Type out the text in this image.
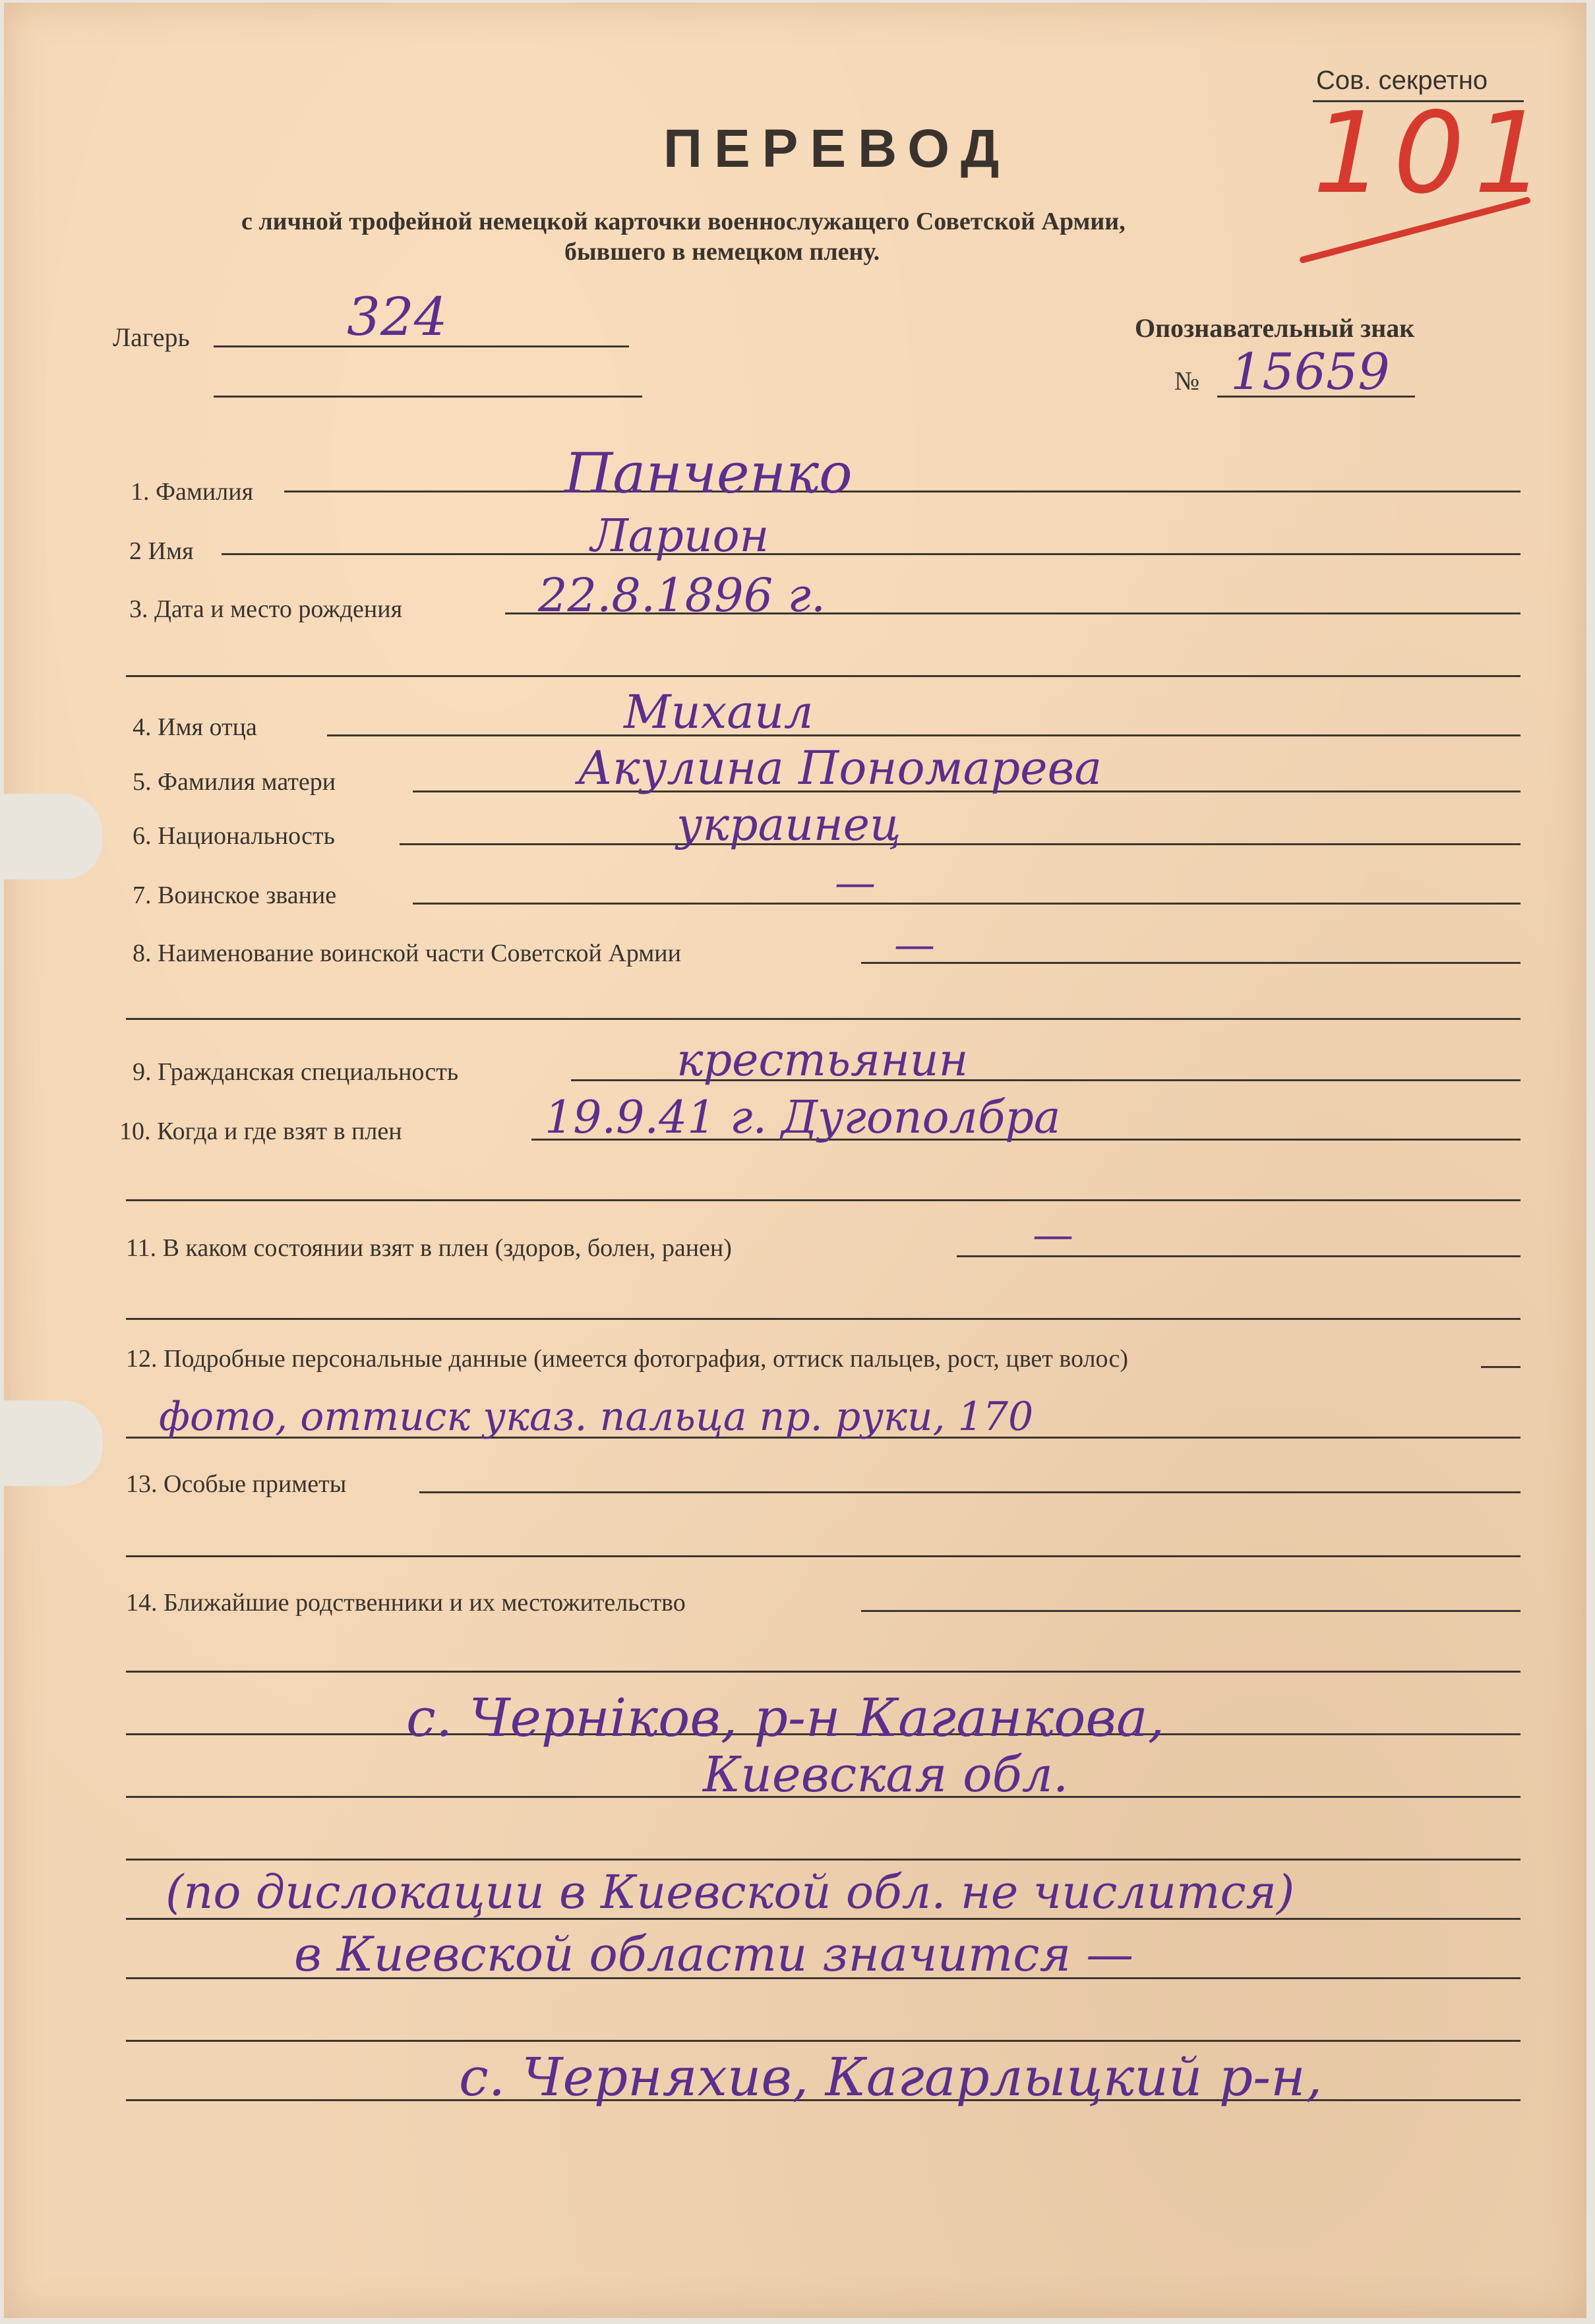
Сов. секретно
101
ПЕРЕВОД
с личной трофейной немецкой карточки военнослужащего Советской Армии,
бывшего в немецком плену.
Лагерь	324	Опознавательный знак
№ 15659
1. Фамилия	Панченко
2 Имя	Ларион
3. Дата и место рождения	22.8.1896 г.
4. Имя отца	Михаил
5. Фамилия матери	Акулина Пономарева
6. Национальность	украинец
7. Воинское звание	—
8. Наименование воинской части Советской Армии	—
9. Гражданская специальность	крестьянин
10. Когда и где взят в плен	19.9.41 г. Дугополбра
11. В каком состоянии взят в плен (здоров, болен, ранен)	—
12. Подробные персональные данные (имеется фотография, оттиск пальцев, рост, цвет волос)
фото, оттиск указ. пальца пр. руки, 170
13. Особые приметы
14. Ближайшие родственники и их местожительство
с. Черніков, р-н Каганкова,
Киевская обл.
(по дислокации в Киевской обл. не числится)
в Киевской области значится —
с. Черняхив, Кагарлыцкий р-н,
